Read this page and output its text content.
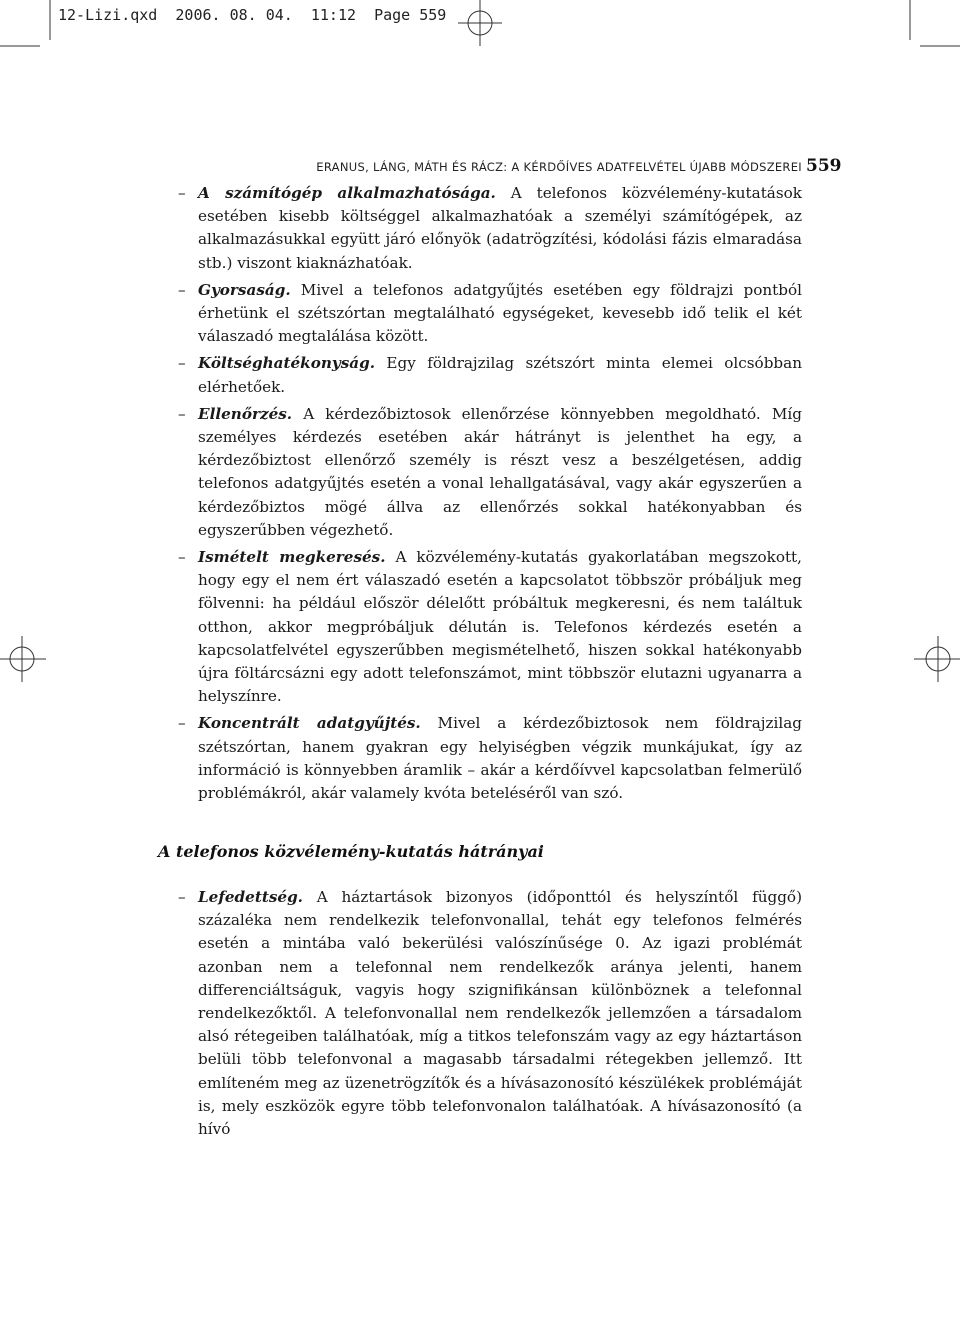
12-Lizi.qxd  2006. 08. 04.  11:12  Page 559
ERANUS, LÁNG, MÁTH ÉS RÁCZ: A KÉRDŐÍVES ADATFELVÉTEL ÚJABB MÓDSZEREI 559
– A számítógép alkalmazhatósága. A telefonos közvélemény-kutatások esetében kisebb költséggel alkalmazhatóak a személyi számítógépek, az alkalmazásukkal együtt járó előnyök (adatrögzítési, kódolási fázis elmaradása stb.) viszont kiaknázhatóak.
– Gyorsaság. Mivel a telefonos adatgyűjtés esetében egy földrajzi pontból érhetünk el szétszórtan megtalálható egységeket, kevesebb idő telik el két válaszadó megtalálása között.
– Költséghatékonyság. Egy földrajzilag szétszórt minta elemei olcsóbban elérhetőek.
– Ellenőrzés. A kérdezőbiztosok ellenőrzése könnyebben megoldható. Míg személyes kérdezés esetében akár hátrányt is jelenthet ha egy, a kérdezőbiztost ellenőrző személy is részt vesz a beszélgetésen, addig telefonos adatgyűjtés esetén a vonal lehallgatásával, vagy akár egyszerűen a kérdezőbiztos mögé állva az ellenőrzés sokkal hatékonyabban és egyszerűbben végezhető.
– Ismételt megkeresés. A közvélemény-kutatás gyakorlatában megszokott, hogy egy el nem ért válaszadó esetén a kapcsolatot többször próbáljuk meg fölvenni: ha például először délelőtt próbáltuk megkeresni, és nem találtuk otthon, akkor megpróbáljuk délután is. Telefonos kérdezés esetén a kapcsolatfelvétel egyszerűbben megismételhető, hiszen sokkal hatékonyabb újra föltárcsázni egy adott telefonszámot, mint többször elutazni ugyanarra a helyszínre.
– Koncentrált adatgyűjtés. Mivel a kérdezőbiztosok nem földrajzilag szétszórtan, hanem gyakran egy helyiségben végzik munkájukat, így az információ is könnyebben áramlik – akár a kérdőívvel kapcsolatban felmerülő problémákról, akár valamely kvóta beteléséről van szó.
A telefonos közvélemény-kutatás hátrányai
– Lefedettség. A háztartások bizonyos (időponttól és helyszíntől függő) százaléka nem rendelkezik telefonvonallal, tehát egy telefonos felmérés esetén a mintába való bekerülési valószínűsége 0. Az igazi problémát azonban nem a telefonnal nem rendelkezők aránya jelenti, hanem differenciáltságuk, vagyis hogy szignifikánsan különböznek a telefonnal rendelkezőktől. A telefonvonallal nem rendelkezők jellemzően a társadalom alsó rétegeiben találhatóak, míg a titkos telefonszám vagy az egy háztartáson belüli több telefonvonal a magasabb társadalmi rétegekben jellemző. Itt említeném meg az üzenetrögzítők és a hívásazonosító készülékek problémáját is, mely eszközök egyre több telefonvonalon találhatóak. A hívásazonosító (a hívó
